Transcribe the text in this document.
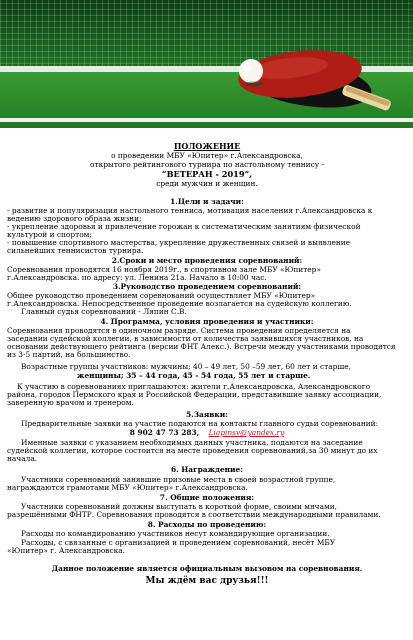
ПОЛОЖЕНИЕ
о проведении МБУ «Юпитер» г.Александровска,
открытого рейтингового турнира по настольному теннису -
“ВЕТЕРАН - 2019”,
среди мужчин и женщин.
1.Цели и задачи:
- развитие и популяризация настольного тенниса, мотивация населения г.Александровска к
ведению здорового образа жизни;
- укрепление здоровья и привлечение горожан к систематическим занятиям физической
культурой и спортом;
- повышение спортивного мастерства, укрепление дружественных связей и выявление
сильнейших теннисистов турнира.
2.Сроки и место проведения соревнований:
Соревнования проводятся 16 ноября 2019г., в спортивном зале МБУ «Юпитер»
г.Александровска. по адресу: ул. Ленина 21а. Начало в 10:00 час.
3.Руководство проведением соревнований:
Общее руководство проведением соревнований осуществляет МБУ «Юпитер»
г.Александровска. Непосредственное проведение возлагается на судейскую коллегию.
Главный судья соревнований - Ляпин С.В.
4. Программа, условия проведения и участники:
Соревнования проводятся в одиночном разряде. Система проведения определяется на
заседании судейской коллегии, в зависимости от количества заявившихся участников, на
основании действующего рейтинга (версии ФНТ Алекс.). Встречи между участниками проводятся
из 3-5 партий, на большинство.
Возрастные группы участников: мужчины; 40 – 49 лет, 50 –59 лет, 60 лет и старше,
женщины; 35 – 44 года, 45 - 54 года, 55 лет и старше.
К участию в соревнованиях приглашаются: жители г.Александровска, Александровского
района, городов Пермского края и Российской Федерации, представившие заявку ассоциации,
заверенную врачом и тренером.
5.Заявки:
Предварительные заявки на участие подаются на контакты главного судьи соревнований:
8 902 47 73 283, Liapinsv@yandex.ry
Именные заявки с указанием необходимых данных участника, подаются на заседание
судейской коллегии, которое состоится на месте проведения соревнований,за 30 минут до их
начала.
6. Награждение:
Участники соревнований занявшие призовые места в своей возрастной группе,
награждаются грамотами МБУ «Юпитер» г.Александровска.
7. Общие положения:
Участники соревнований должны выступать в короткой форме, своими мячами,
разрешёнными ФНТР. Соревнования проводятся в соответствии международными правилами.
8. Расходы по проведению:
Расходы по командированию участников несут командирующие организации.
Расходы, с связанные с организацией и проведением соревнований, несёт МБУ
«Юпитер» г. Александровска.
Данное положение является официальным вызовом на соревнования.
Мы ждём вас друзья!!!
